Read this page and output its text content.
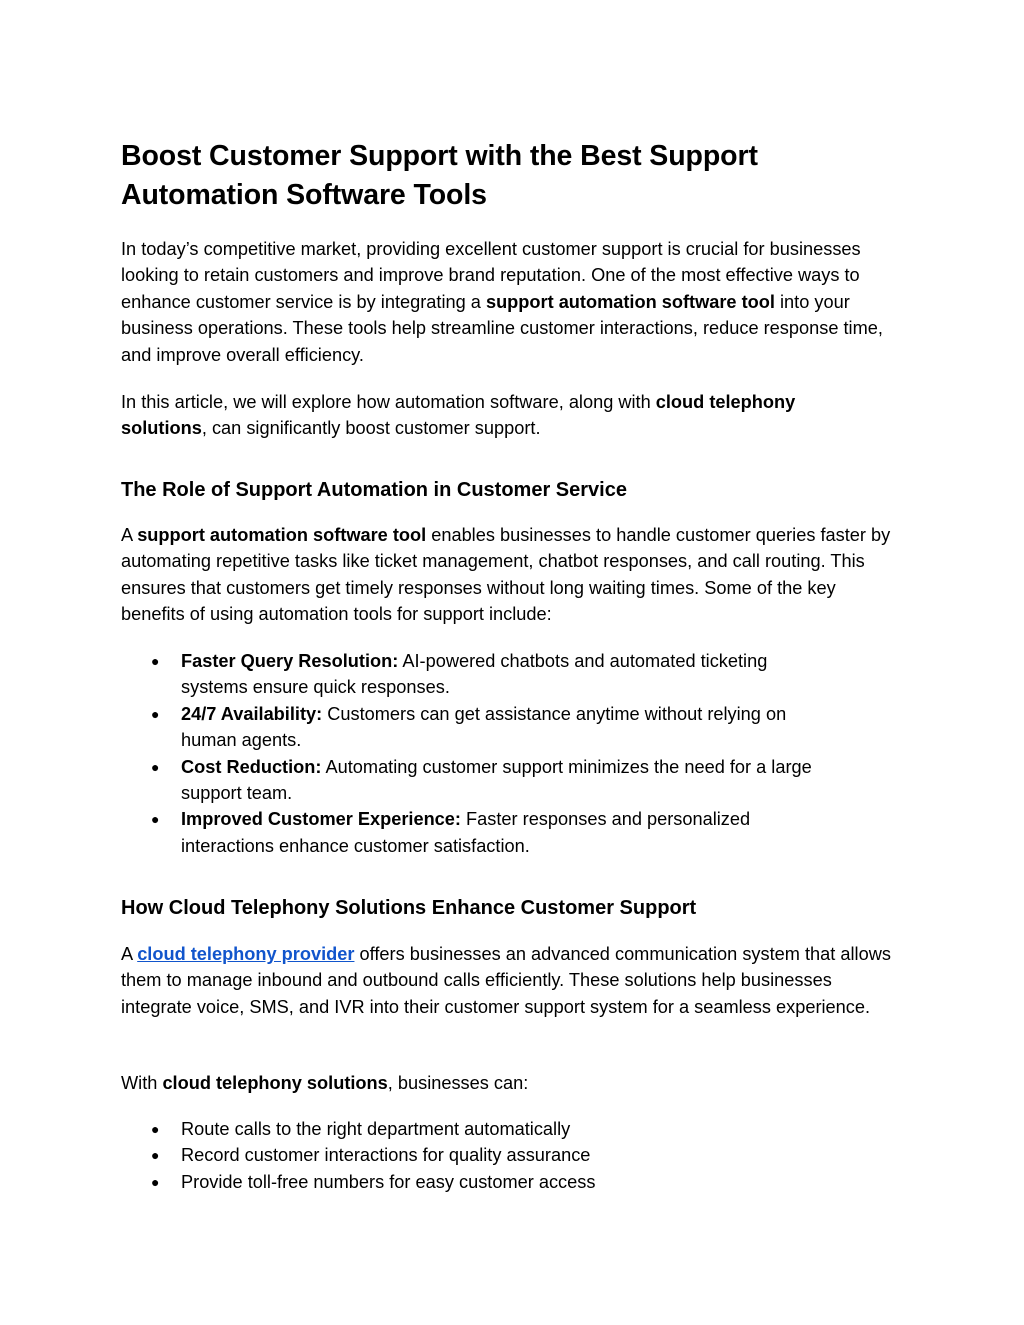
Boost Customer Support with the Best Support
Automation Software Tools

In today’s competitive market, providing excellent customer support is crucial for businesses looking to retain customers and improve brand reputation. One of the most effective ways to enhance customer service is by integrating a support automation software tool into your business operations. These tools help streamline customer interactions, reduce response time, and improve overall efficiency.

In this article, we will explore how automation software, along with cloud telephony solutions, can significantly boost customer support.

The Role of Support Automation in Customer Service

A support automation software tool enables businesses to handle customer queries faster by automating repetitive tasks like ticket management, chatbot responses, and call routing. This ensures that customers get timely responses without long waiting times. Some of the key benefits of using automation tools for support include:

● Faster Query Resolution: AI-powered chatbots and automated ticketing systems ensure quick responses.
● 24/7 Availability: Customers can get assistance anytime without relying on human agents.
● Cost Reduction: Automating customer support minimizes the need for a large support team.
● Improved Customer Experience: Faster responses and personalized interactions enhance customer satisfaction.
How Cloud Telephony Solutions Enhance Customer Support

A cloud telephony provider offers businesses an advanced communication system that allows them to manage inbound and outbound calls efficiently. These solutions help businesses integrate voice, SMS, and IVR into their customer support system for a seamless experience.

With cloud telephony solutions, businesses can:

● Route calls to the right department automatically
● Record customer interactions for quality assurance
● Provide toll-free numbers for easy customer access
